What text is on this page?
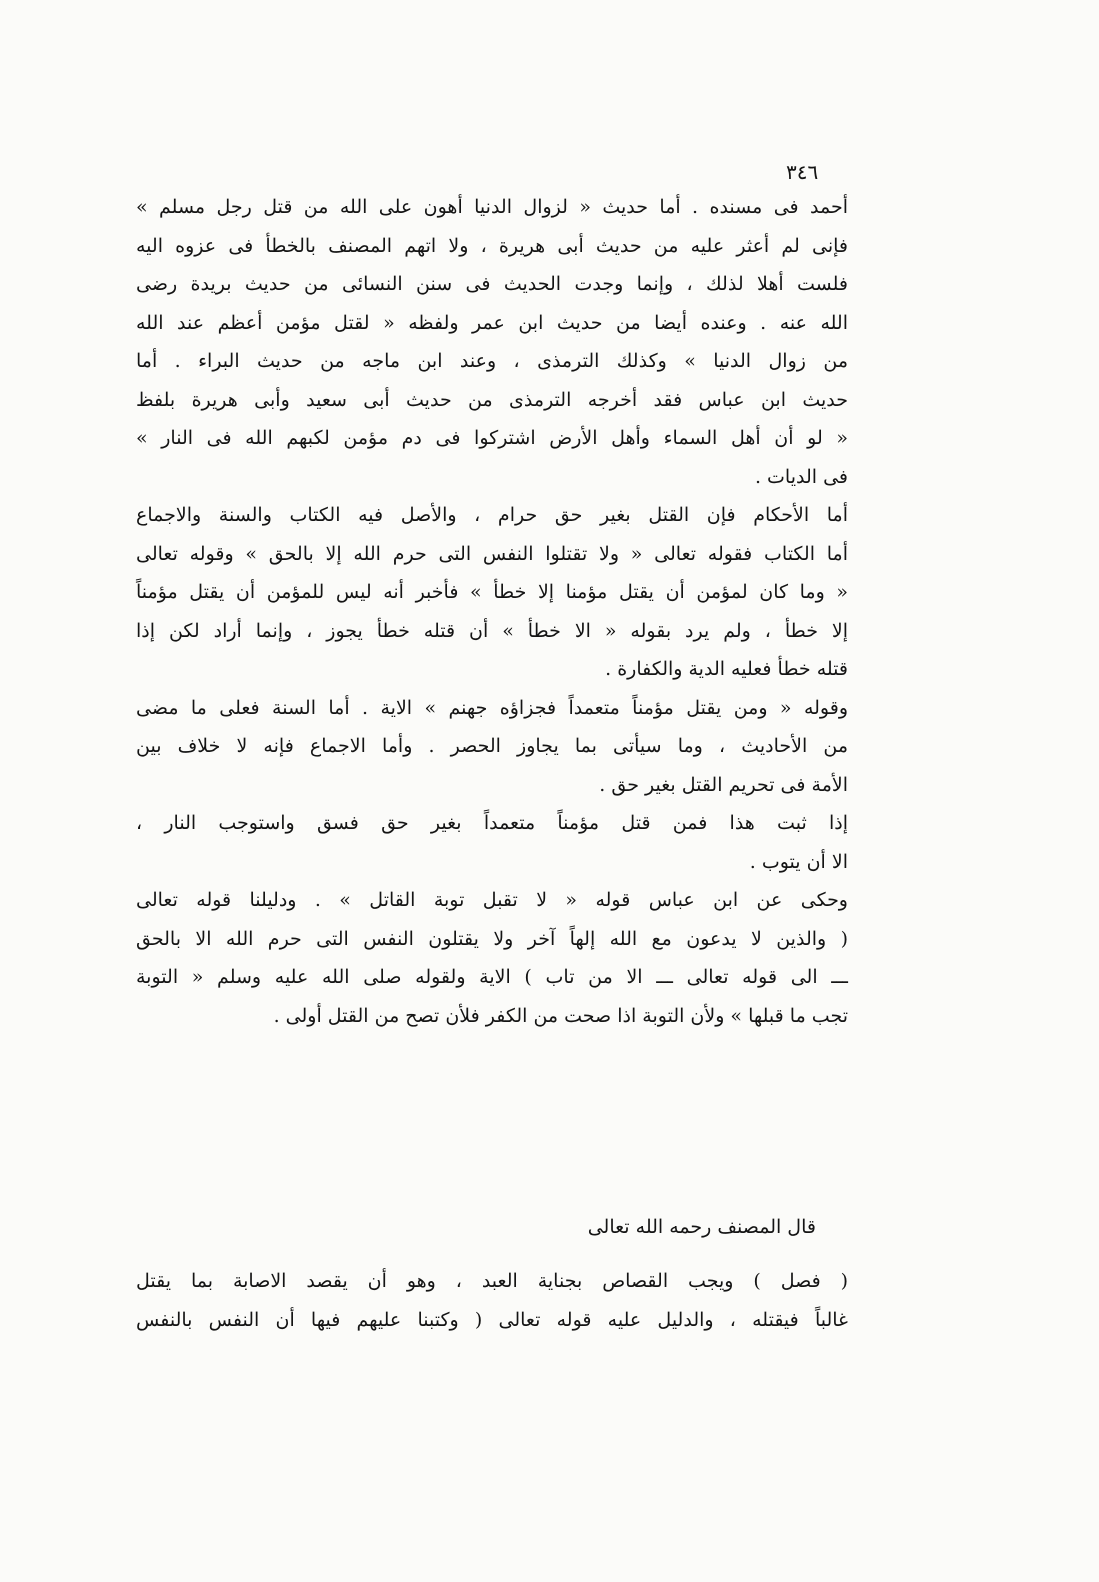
٣٤٦
أحمد فى مسنده . أما حديث « لزوال الدنيا أهون على الله من قتل رجل مسلم »
فإنى لم أعثر عليه من حديث أبى هريرة ، ولا اتهم المصنف بالخطأ فى عزوه اليه
فلست أهلا لذلك ، وإنما وجدت الحديث فى سنن النسائى من حديث بريدة رضى
الله عنه . وعنده أيضا من حديث ابن عمر ولفظه « لقتل مؤمن أعظم عند الله
من زوال الدنيا » وكذلك الترمذى ، وعند ابن ماجه من حديث البراء . أما
حديث ابن عباس فقد أخرجه الترمذى من حديث أبى سعيد وأبى هريرة بلفظ
« لو أن أهل السماء وأهل الأرض اشتركوا فى دم مؤمن لكبهم الله فى النار »
فى الديات .
أما الأحكام فإن القتل بغير حق حرام ، والأصل فيه الكتاب والسنة والاجماع
أما الكتاب فقوله تعالى « ولا تقتلوا النفس التى حرم الله إلا بالحق » وقوله تعالى
« وما كان لمؤمن أن يقتل مؤمنا إلا خطأ » فأخبر أنه ليس للمؤمن أن يقتل مؤمناً
إلا خطأ ، ولم يرد بقوله « الا خطأ » أن قتله خطأ يجوز ، وإنما أراد لكن إذا
قتله خطأ فعليه الدية والكفارة .
وقوله « ومن يقتل مؤمناً متعمداً فجزاؤه جهنم » الاية . أما السنة فعلى ما مضى
من الأحاديث ، وما سيأتى بما يجاوز الحصر . وأما الاجماع فإنه لا خلاف بين
الأمة فى تحريم القتل بغير حق .
إذا ثبت هذا فمن قتل مؤمناً متعمداً بغير حق فسق واستوجب النار ،
الا أن يتوب .
وحكى عن ابن عباس قوله « لا تقبل توبة القاتل » . ودليلنا قوله تعالى
( والذين لا يدعون مع الله إلهاً آخر ولا يقتلون النفس التى حرم الله الا بالحق
ـــ الى قوله تعالى ـــ الا من تاب ) الاية ولقوله صلى الله عليه وسلم « التوبة
تجب ما قبلها » ولأن التوبة اذا صحت من الكفر فلأن تصح من القتل أولى .
قال المصنف رحمه الله تعالى
( فصل ) ويجب القصاص بجناية العبد ، وهو أن يقصد الاصابة بما يقتل
غالباً فيقتله ، والدليل عليه قوله تعالى ( وكتبنا عليهم فيها أن النفس بالنفس
